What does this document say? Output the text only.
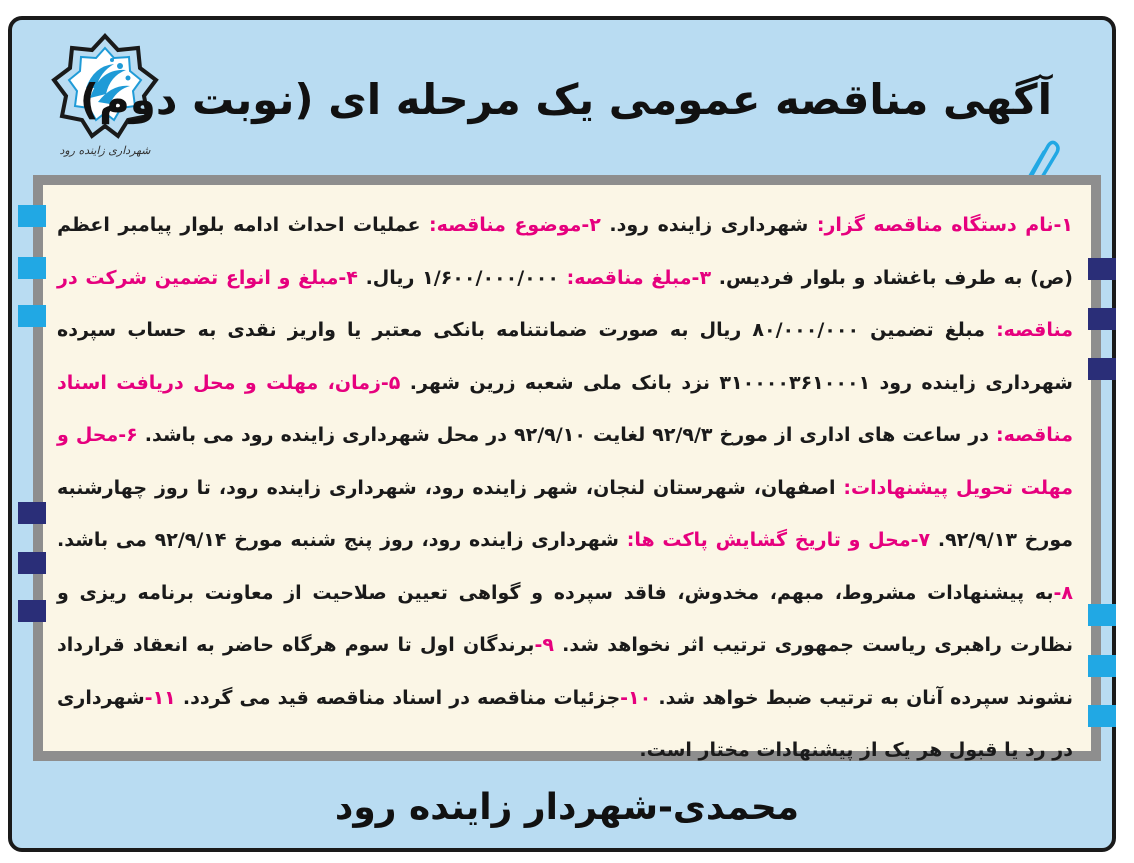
شهرداری زاینده رود
آگهی مناقصه عمومی یک مرحله ای (نوبت دوم)

۱-نام دستگاه مناقصه گزار: شهرداری زاینده رود. ۲-موضوع مناقصه: عملیات احداث ادامه بلوار پیامبر اعظم (ص) به طرف باغشاد و بلوار فردیس. ۳-مبلغ مناقصه: ۱/۶۰۰/۰۰۰/۰۰۰ ریال. ۴-مبلغ و انواع تضمین شرکت در مناقصه: مبلغ تضمین ۸۰/۰۰۰/۰۰۰ ریال به صورت ضمانتنامه بانکی معتبر یا واریز نقدی به حساب سپرده شهرداری زاینده رود ۳۱۰۰۰۰۳۶۱۰۰۰۱ نزد بانک ملی شعبه زرین شهر. ۵-زمان، مهلت و محل دریافت اسناد مناقصه: در ساعت های اداری از مورخ ۹۲/۹/۳ لغایت ۹۲/۹/۱۰ در محل شهرداری زاینده رود می باشد. ۶-محل و مهلت تحویل پیشنهادات: اصفهان، شهرستان لنجان، شهر زاینده رود، شهرداری زاینده رود، تا روز چهارشنبه مورخ ۹۲/۹/۱۳. ۷-محل و تاریخ گشایش پاکت ها: شهرداری زاینده رود، روز پنج شنبه مورخ ۹۲/۹/۱۴ می باشد. ۸-به پیشنهادات مشروط، مبهم، مخدوش، فاقد سپرده و گواهی تعیین صلاحیت از معاونت برنامه ریزی و نظارت راهبری ریاست جمهوری ترتیب اثر نخواهد شد. ۹-برندگان اول تا سوم هرگاه حاضر به انعقاد قرارداد نشوند سپرده آنان به ترتیب ضبط خواهد شد. ۱۰-جزئیات مناقصه در اسناد مناقصه قید می گردد. ۱۱-شهرداری در رد یا قبول هر یک از پیشنهادات مختار است.

محمدی-شهردار زاینده رود
